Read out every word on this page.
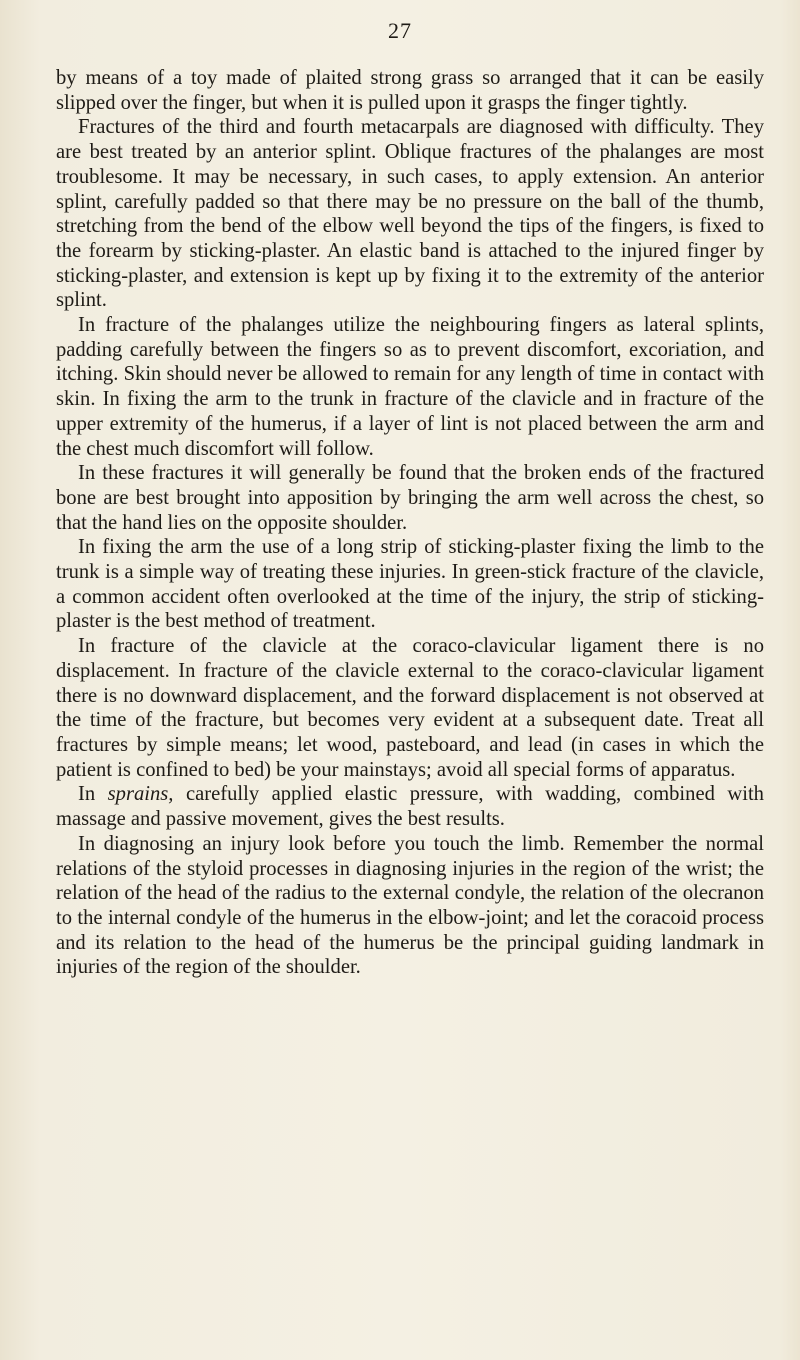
27

by means of a toy made of plaited strong grass so arranged that it can be easily slipped over the finger, but when it is pulled upon it grasps the finger tightly.

Fractures of the third and fourth metacarpals are diagnosed with difficulty. They are best treated by an anterior splint. Oblique fractures of the phalanges are most troublesome. It may be necessary, in such cases, to apply extension. An anterior splint, carefully padded so that there may be no pressure on the ball of the thumb, stretching from the bend of the elbow well beyond the tips of the fingers, is fixed to the forearm by sticking-plaster. An elastic band is attached to the injured finger by sticking-plaster, and extension is kept up by fixing it to the extremity of the anterior splint.

In fracture of the phalanges utilize the neighbouring fingers as lateral splints, padding carefully between the fingers so as to prevent discomfort, excoriation, and itching. Skin should never be allowed to remain for any length of time in contact with skin. In fixing the arm to the trunk in fracture of the clavicle and in fracture of the upper extremity of the humerus, if a layer of lint is not placed between the arm and the chest much discomfort will follow.

In these fractures it will generally be found that the broken ends of the fractured bone are best brought into apposition by bringing the arm well across the chest, so that the hand lies on the opposite shoulder.

In fixing the arm the use of a long strip of sticking-plaster fixing the limb to the trunk is a simple way of treating these injuries. In green-stick fracture of the clavicle, a common accident often overlooked at the time of the injury, the strip of sticking-plaster is the best method of treatment.

In fracture of the clavicle at the coraco-clavicular ligament there is no displacement. In fracture of the clavicle external to the coraco-clavicular ligament there is no downward displacement, and the forward displacement is not observed at the time of the fracture, but becomes very evident at a subsequent date. Treat all fractures by simple means; let wood, pasteboard, and lead (in cases in which the patient is confined to bed) be your mainstays; avoid all special forms of apparatus.

In sprains, carefully applied elastic pressure, with wadding, combined with massage and passive movement, gives the best results.

In diagnosing an injury look before you touch the limb. Remember the normal relations of the styloid processes in diagnosing injuries in the region of the wrist; the relation of the head of the radius to the external condyle, the relation of the olecranon to the internal condyle of the humerus in the elbow-joint; and let the coracoid process and its relation to the head of the humerus be the principal guiding landmark in injuries of the region of the shoulder.
